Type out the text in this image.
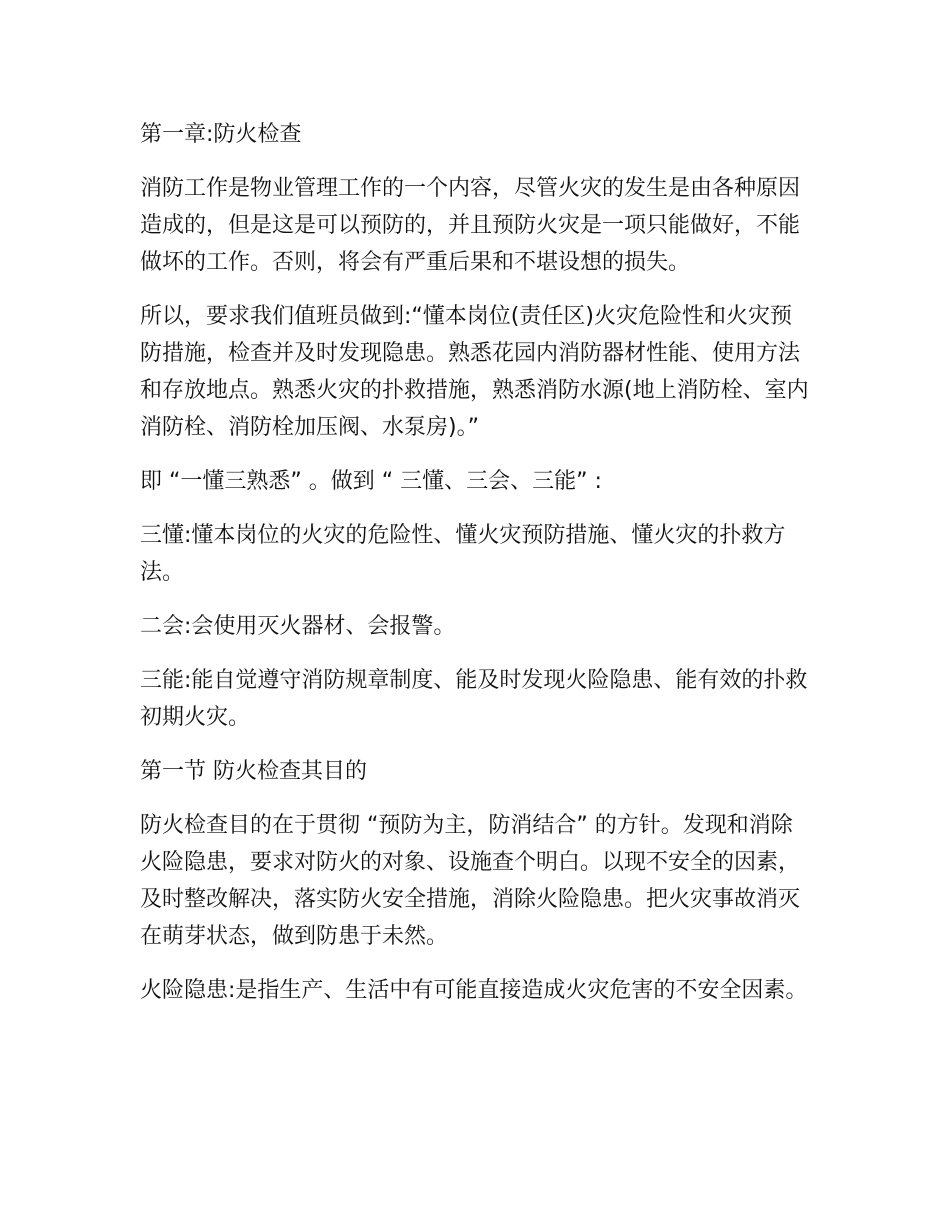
第一章:防火检查

消防工作是物业管理工作的一个内容，尽管火灾的发生是由各种原因造成的，但是这是可以预防的，并且预防火灾是一项只能做好，不能做坏的工作。否则，将会有严重后果和不堪设想的损失。

所以，要求我们值班员做到:“懂本岗位(责任区)火灾危险性和火灾预防措施，检查并及时发现隐患。熟悉花园内消防器材性能、使用方法和存放地点。熟悉火灾的扑救措施，熟悉消防水源(地上消防栓、室内消防栓、消防栓加压阀、水泵房)。”

即 “一懂三熟悉” 。做到 “ 三懂、三会、三能” :

三懂:懂本岗位的火灾的危险性、懂火灾预防措施、懂火灾的扑救方法。

二会:会使用灭火器材、会报警。

三能:能自觉遵守消防规章制度、能及时发现火险隐患、能有效的扑救初期火灾。

第一节 防火检查其目的

防火检查目的在于贯彻 “预防为主，防消结合” 的方针。发现和消除火险隐患，要求对防火的对象、设施查个明白。以现不安全的因素，及时整改解决，落实防火安全措施，消除火险隐患。把火灾事故消灭在萌芽状态，做到防患于未然。

火险隐患:是指生产、生活中有可能直接造成火灾危害的不安全因素。
